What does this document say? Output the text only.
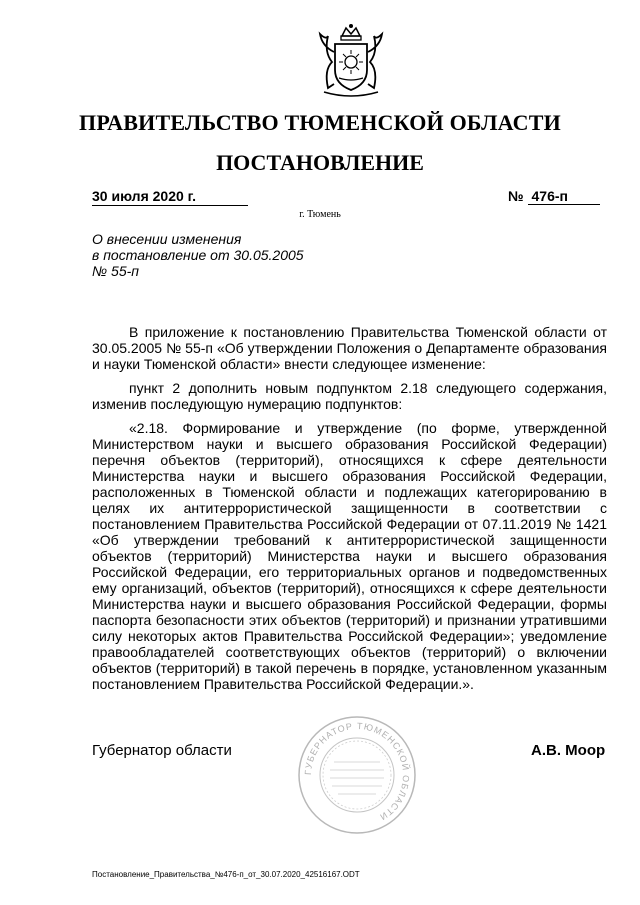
ПРАВИТЕЛЬСТВО ТЮМЕНСКОЙ ОБЛАСТИ
ПОСТАНОВЛЕНИЕ
30 июля 2020 г.	№ 476-п
г. Тюмень
О внесении изменения
в постановление от 30.05.2005
№ 55-п

В приложение к постановлению Правительства Тюменской области от 30.05.2005 № 55-п «Об утверждении Положения о Департаменте образования и науки Тюменской области» внести следующее изменение:

пункт 2 дополнить новым подпунктом 2.18 следующего содержания, изменив последующую нумерацию подпунктов:

«2.18. Формирование и утверждение (по форме, утвержденной Министерством науки и высшего образования Российской Федерации) перечня объектов (территорий), относящихся к сфере деятельности Министерства науки и высшего образования Российской Федерации, расположенных в Тюменской области и подлежащих категорированию в целях их антитеррористической защищенности в соответствии с постановлением Правительства Российской Федерации от 07.11.2019 № 1421 «Об утверждении требований к антитеррористической защищенности объектов (территорий) Министерства науки и высшего образования Российской Федерации, его территориальных органов и подведомственных ему организаций, объектов (территорий), относящихся к сфере деятельности Министерства науки и высшего образования Российской Федерации, формы паспорта безопасности этих объектов (территорий) и признании утратившими силу некоторых актов Правительства Российской Федерации»; уведомление правообладателей соответствующих объектов (территорий) о включении объектов (территорий) в такой перечень в порядке, установленном указанным постановлением Правительства Российской Федерации.».

ГУБЕРНАТОР ТЮМЕНСКОЙ ОБЛАСТИ
Губернатор области	А.В. Моор
Постановление_Правительства_№476-п_от_30.07.2020_42516167.ODT
